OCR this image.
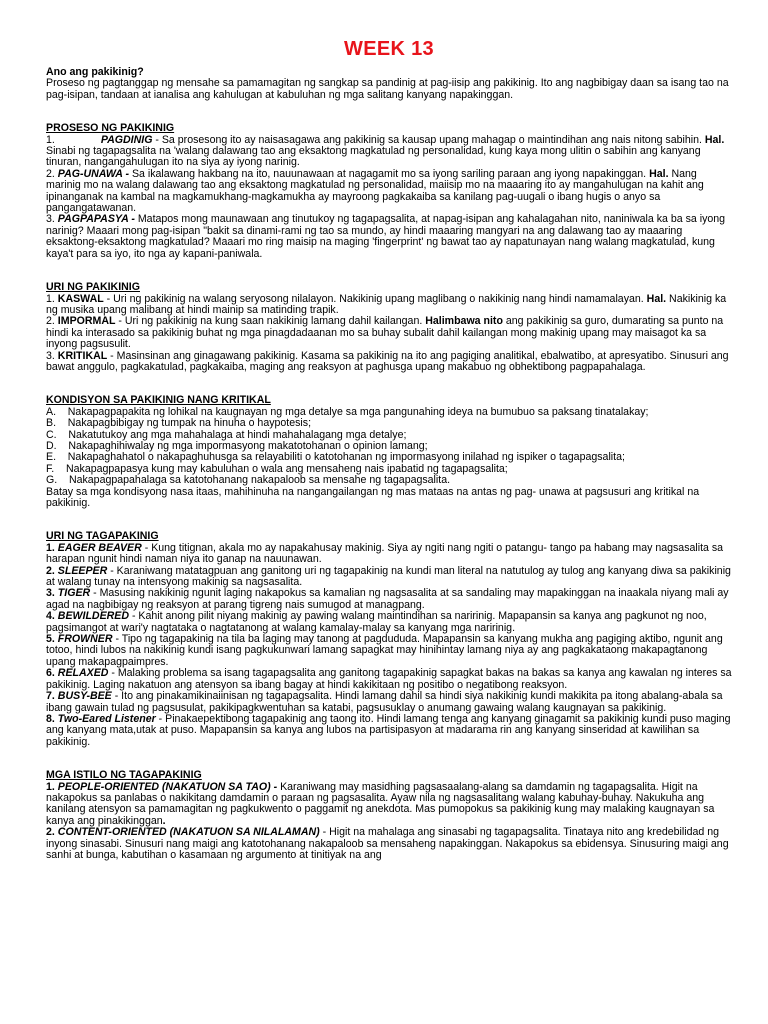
WEEK 13

Ano ang pakikinig?

Proseso ng pagtanggap ng mensahe sa pamamagitan ng sangkap sa pandinig at pag-iisip ang pakikinig. Ito ang nagbibigay daan sa isang tao na pag-isipan, tandaan at ianalisa ang kahulugan at kabuluhan ng mga salitang kanyang napakinggan.

PROSESO NG PAKIKINIG

1.	PAGDINIG - Sa prosesong ito ay naisasagawa ang pakikinig sa kausap upang mahagap o maintindihan ang nais nitong sabihin. Hal. Sinabi ng tagapagsalita na 'walang dalawang tao ang eksaktong magkatulad ng personalidad, kung kaya mong ulitin o sabihin ang kanyang tinuran, nangangahulugan ito na siya ay iyong narinig.

2. PAG-UNAWA - Sa ikalawang hakbang na ito, nauunawaan at nagagamit mo sa iyong sariling paraan ang iyong napakinggan. Hal. Nang marinig mo na walang dalawang tao ang eksaktong magkatulad ng personalidad, maiisip mo na maaaring ito ay mangahulugan na kahit ang ipinanganak na kambal na magkamukhang-magkamukha ay mayroong pagkakaiba sa kanilang pag-uugali o ibang hugis o anyo sa pangangatawanan.

3. PAGPAPASYA - Matapos mong maunawaan ang tinutukoy ng tagapagsalita, at napag-isipan ang kahalagahan nito, naniniwala ka ba sa iyong narinig? Maaari mong pag-isipan "bakit sa dinami-rami ng tao sa mundo, ay hindi maaaring mangyari na ang dalawang tao ay maaaring eksaktong-eksaktong magkatulad? Maaari mo ring maisip na maging 'fingerprint' ng bawat tao ay napatunayan nang walang magkatulad, kung kaya't para sa iyo, ito nga ay kapani-paniwala.

URI NG PAKIKINIG

1. KASWAL - Uri ng pakikinig na walang seryosong nilalayon. Nakikinig upang maglibang o nakikinig nang hindi namamalayan. Hal. Nakikinig ka ng musika upang malibang at hindi mainip sa matinding trapik.

2. IMPORMAL - Uri ng pakikinig na kung saan nakikinig lamang dahil kailangan. Halimbawa nito ang pakikinig sa guro, dumarating sa punto na hindi ka interasado sa pakikinig buhat ng mga pinagdadaanan mo sa buhay subalit dahil kailangan mong makinig upang may maisagot ka sa inyong pagsusulit.

3. KRITIKAL - Masinsinan ang ginagawang pakikinig. Kasama sa pakikinig na ito ang pagiging analitikal, ebalwatibo, at apresyatibo. Sinusuri ang bawat anggulo, pagkakatulad, pagkakaiba, maging ang reaksyon at paghusga upang makabuo ng obhektibong pagpapahalaga.

KONDISYON SA PAKIKINIG NANG KRITIKAL

A.    Nakapagpapakita ng lohikal na kaugnayan ng mga detalye sa mga pangunahing ideya na bumubuo sa paksang tinatalakay;

B.    Nakapagbibigay ng tumpak na hinuha o haypotesis;

C.    Nakatutukoy ang mga mahahalaga at hindi mahahalagang mga detalye;

D.    Nakapaghihiwalay ng mga impormasyong makatotohanan o opinion lamang;

E.    Nakapaghahatol o nakapaghuhusga sa relayabiliti o katotohanan ng impormasyong inilahad ng ispiker o tagapagsalita;

F.    Nakapagpapasya kung may kabuluhan o wala ang mensaheng nais ipabatid ng tagapagsalita;

G.    Nakapagpapahalaga sa katotohanang nakapaloob sa mensahe ng tagapagsalita.

Batay sa mga kondisyong nasa itaas, mahihinuha na nangangailangan ng mas mataas na antas ng pag- unawa at pagsusuri ang kritikal na pakikinig.

URI NG TAGAPAKINIG

1. EAGER BEAVER - Kung titignan, akala mo ay napakahusay makinig. Siya ay ngiti nang ngiti o patangu- tango pa habang may nagsasalita sa harapan ngunit hindi naman niya ito ganap na nauunawan.

2. SLEEPER - Karaniwang matatagpuan ang ganitong uri ng tagapakinig na kundi man literal na natutulog ay tulog ang kanyang diwa sa pakikinig at walang tunay na intensyong makinig sa nagsasalita.

3. TIGER - Masusing nakikinig ngunit laging nakapokus sa kamalian ng nagsasalita at sa sandaling may mapakinggan na inaakala niyang mali ay agad na nagbibigay ng reaksyon at parang tigreng nais sumugod at managpang.

4. BEWILDERED - Kahit anong pilit niyang makinig ay pawing walang maintindihan sa naririnig. Mapapansin sa kanya ang pagkunot ng noo, pagsimangot at wari'y nagtataka o nagtatanong at walang kamalay-malay sa kanyang mga naririnig.

5. FROWNER - Tipo ng tagapakinig na tila ba laging may tanong at pagdududa. Mapapansin sa kanyang mukha ang pagiging aktibo, ngunit ang totoo, hindi lubos na nakikinig kundi isang pagkukunwari lamang sapagkat may hinihintay lamang niya ay ang pagkakataong makapagtanong upang makapagpaimpres.

6. RELAXED - Malaking problema sa isang tagapagsalita ang ganitong tagapakinig sapagkat bakas na bakas sa kanya ang kawalan ng interes sa pakikinig. Laging nakatuon ang atensyon sa ibang bagay at hindi kakikitaan ng positibo o negatibong reaksyon.

7. BUSY-BEE - Ito ang pinakamikinaiinisan ng tagapagsalita. Hindi lamang dahil sa hindi siya nakikinig kundi makikita pa itong abalang-abala sa ibang gawain tulad ng pagsusulat, pakikipagkwentuhan sa katabi, pagsusuklay o anumang gawaing walang kaugnayan sa pakikinig.

8. Two-Eared Listener - Pinakaepektibong tagapakinig ang taong ito. Hindi lamang tenga ang kanyang ginagamit sa pakikinig kundi puso maging ang kanyang mata,utak at puso. Mapapansin sa kanya ang lubos na partisipasyon at madarama rin ang kanyang sinseridad at kawilihan sa pakikinig.

MGA ISTILO NG TAGAPAKINIG

1. PEOPLE-ORIENTED (NAKATUON SA TAO) - Karaniwang may masidhing pagsasaalang-alang sa damdamin ng tagapagsalita. Higit na nakapokus sa panlabas o nakikitang damdamin o paraan ng pagsasalita. Ayaw nila ng nagsasalitang walang kabuhay-buhay. Nakukuha ang kanilang atensyon sa pamamagitan ng pagkukwento o paggamit ng anekdota. Mas pumopokus sa pakikinig kung may malaking kaugnayan sa kanya ang pinakikinggan.

2. CONTENT-ORIENTED (NAKATUON SA NILALAMAN) - Higit na mahalaga ang sinasabi ng tagapagsalita. Tinataya nito ang kredebilidad ng inyong sinasabi. Sinusuri nang maigi ang katotohanang nakapaloob sa mensaheng napakinggan. Nakapokus sa ebidensya. Sinusuring maigi ang sanhi at bunga, kabutihan o kasamaan ng argumento at tinitiyak na ang
